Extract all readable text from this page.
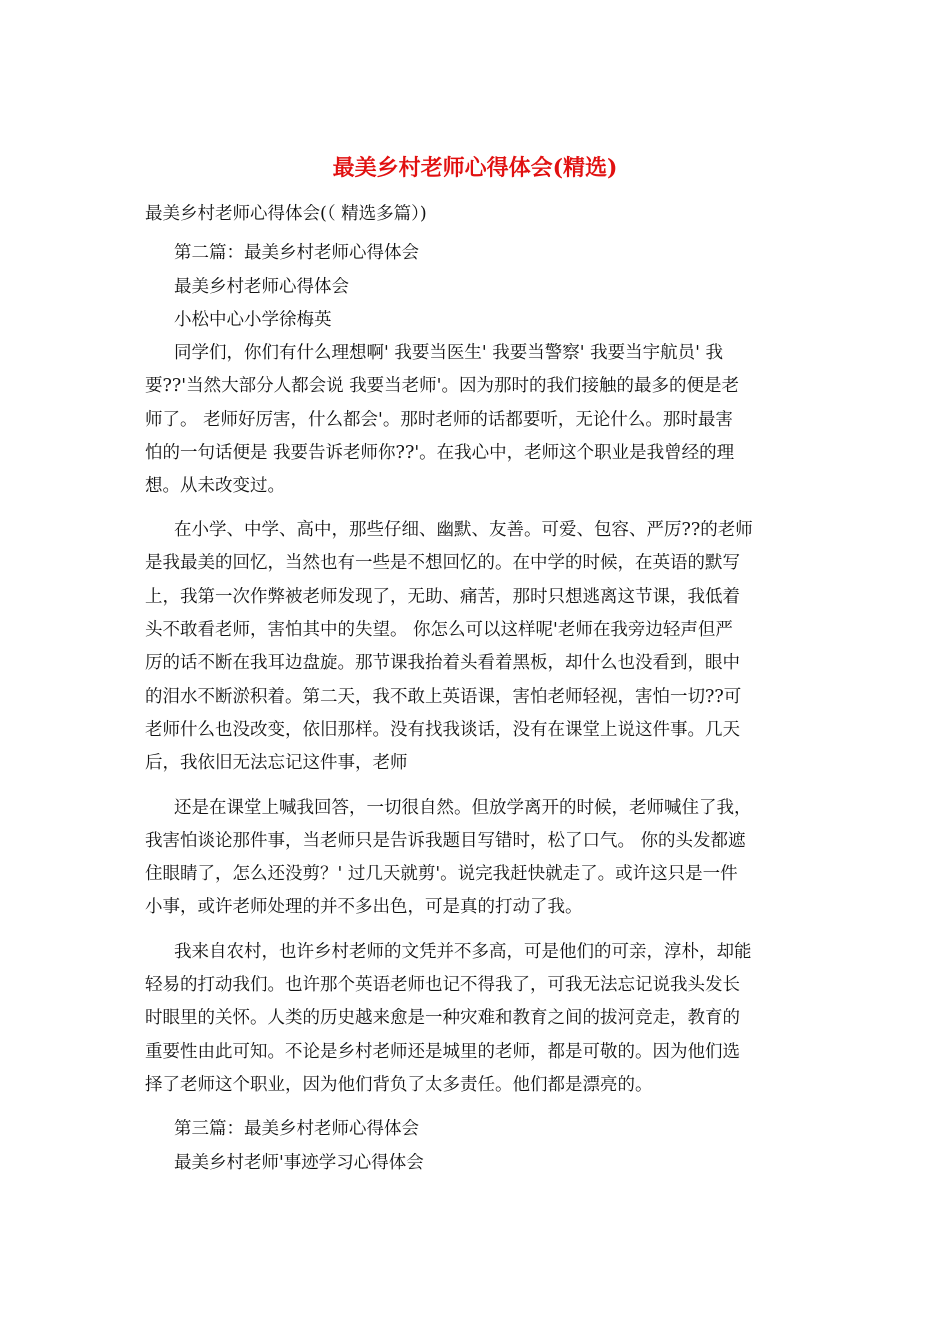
最美乡村老师心得体会(精选)
最美乡村老师心得体会(（ 精选多篇）)
第二篇：最美乡村老师心得体会
最美乡村老师心得体会
小松中心小学徐梅英
同学们，你们有什么理想啊' 我要当医生' 我要当警察' 我要当宇航员' 我
要??'当然大部分人都会说 我要当老师'。因为那时的我们接触的最多的便是老
师了。 老师好厉害，什么都会'。那时老师的话都要听，无论什么。那时最害
怕的一句话便是 我要告诉老师你??'。在我心中，老师这个职业是我曾经的理
想。从未改变过。
在小学、中学、高中，那些仔细、幽默、友善。可爱、包容、严厉??的老师
是我最美的回忆，当然也有一些是不想回忆的。在中学的时候，在英语的默写
上，我第一次作弊被老师发现了，无助、痛苦，那时只想逃离这节课，我低着
头不敢看老师，害怕其中的失望。 你怎么可以这样呢'老师在我旁边轻声但严
厉的话不断在我耳边盘旋。那节课我抬着头看着黑板，却什么也没看到，眼中
的泪水不断淤积着。第二天，我不敢上英语课，害怕老师轻视，害怕一切??可
老师什么也没改变，依旧那样。没有找我谈话，没有在课堂上说这件事。几天
后，我依旧无法忘记这件事，老师
还是在课堂上喊我回答，一切很自然。但放学离开的时候，老师喊住了我，
我害怕谈论那件事，当老师只是告诉我题目写错时，松了口气。 你的头发都遮
住眼睛了，怎么还没剪？' 过几天就剪'。说完我赶快就走了。或许这只是一件
小事，或许老师处理的并不多出色，可是真的打动了我。
我来自农村，也许乡村老师的文凭并不多高，可是他们的可亲，淳朴，却能
轻易的打动我们。也许那个英语老师也记不得我了，可我无法忘记说我头发长
时眼里的关怀。人类的历史越来愈是一种灾难和教育之间的拔河竞走，教育的
重要性由此可知。不论是乡村老师还是城里的老师，都是可敬的。因为他们选
择了老师这个职业，因为他们背负了太多责任。他们都是漂亮的。
第三篇：最美乡村老师心得体会
最美乡村老师'事迹学习心得体会
